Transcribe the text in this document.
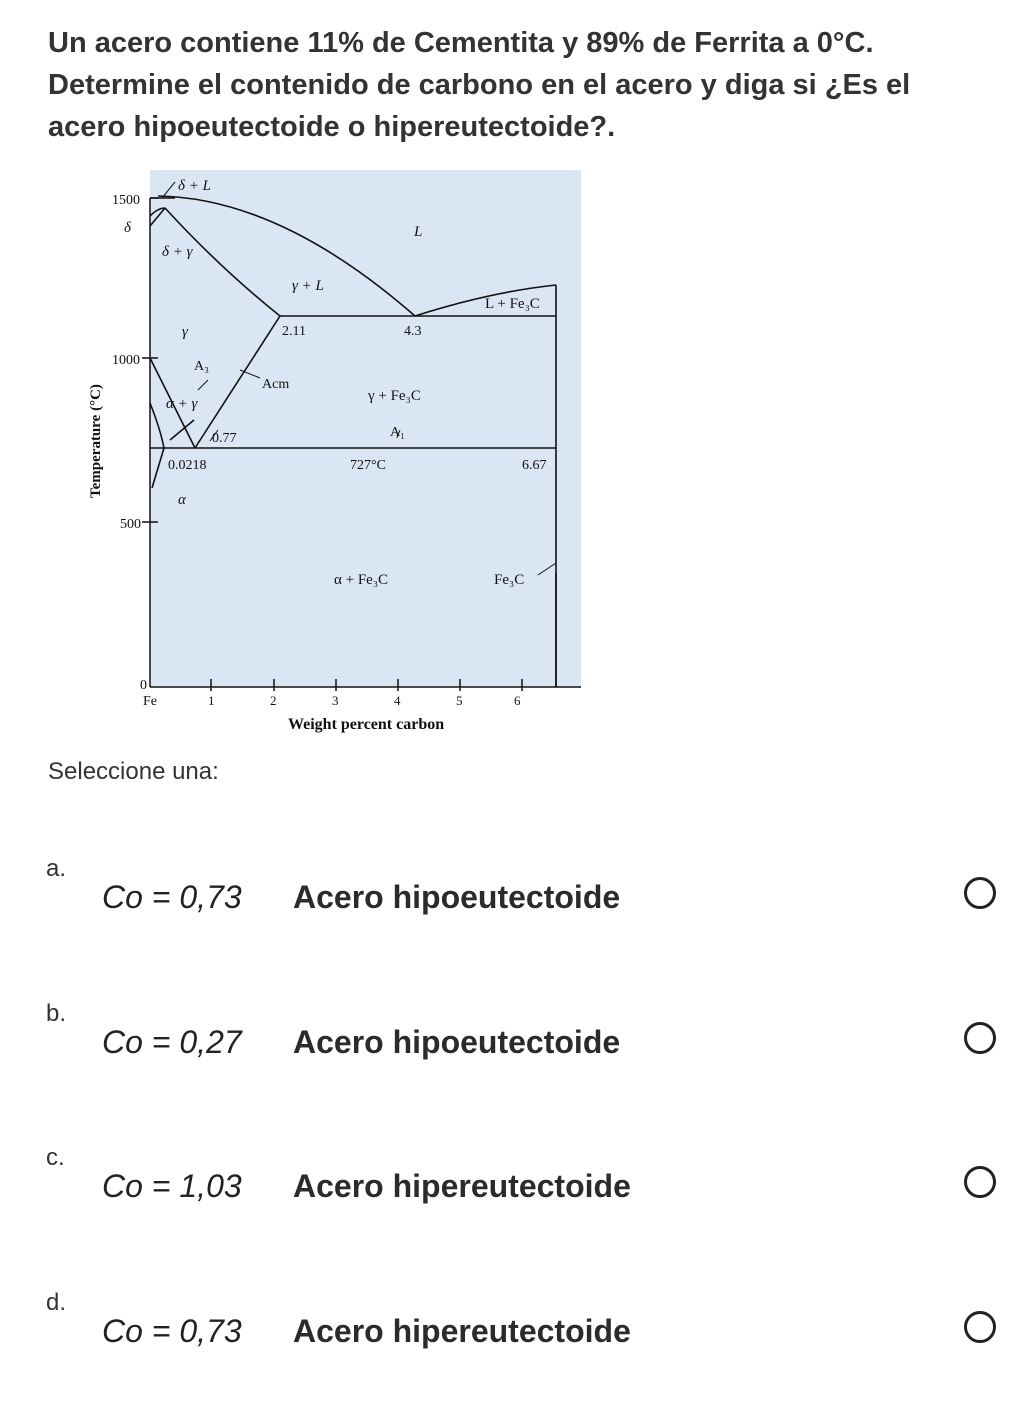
Un acero contiene 11% de Cementita y 89% de Ferrita a 0°C. Determine el contenido de carbono en el acero y diga si ¿Es el acero hipoeutectoide o hipereutectoide?.
1500
1000
500
0
Fe	1	2	3	4	5	6
Weight percent carbon
Temperature (°C)
δ + L
δ
δ + γ
L
γ + L
L + Fe₃C
γ
A₃
Acm
α + γ	γ + Fe₃C
A₁
α
α + Fe₃C	Fe₃C
2.11	4.3
0.77
0.0218	727°C	6.67
Seleccione una:
a.
Co = 0,73 Acero hipoeutectoide
b.
Co = 0,27 Acero hipoeutectoide
c.
Co = 1,03 Acero hipereutectoide
d.
Co = 0,73 Acero hipereutectoide
